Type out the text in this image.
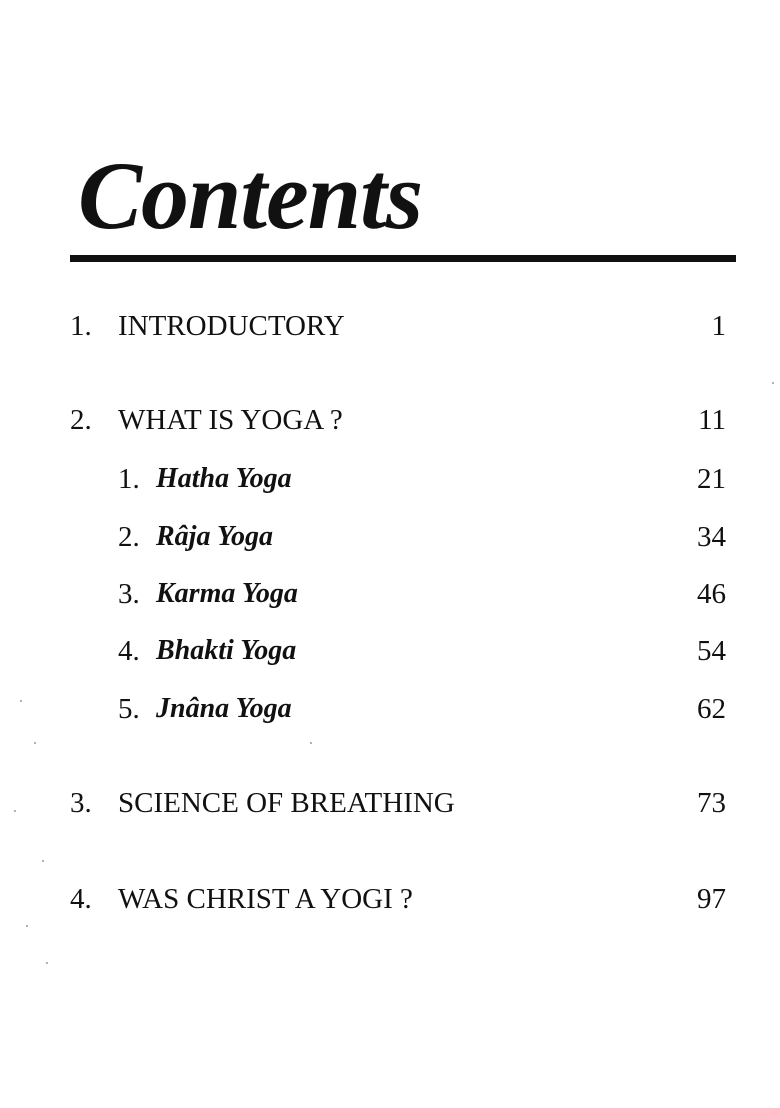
Contents
1. INTRODUCTORY	1
2. WHAT IS YOGA ?	11
1. Hatha Yoga	21
2. Râja Yoga	34
3. Karma Yoga	46
4. Bhakti Yoga	54
5. Jnâna Yoga	62
3. SCIENCE OF BREATHING	73
4. WAS CHRIST A YOGI ?	97
